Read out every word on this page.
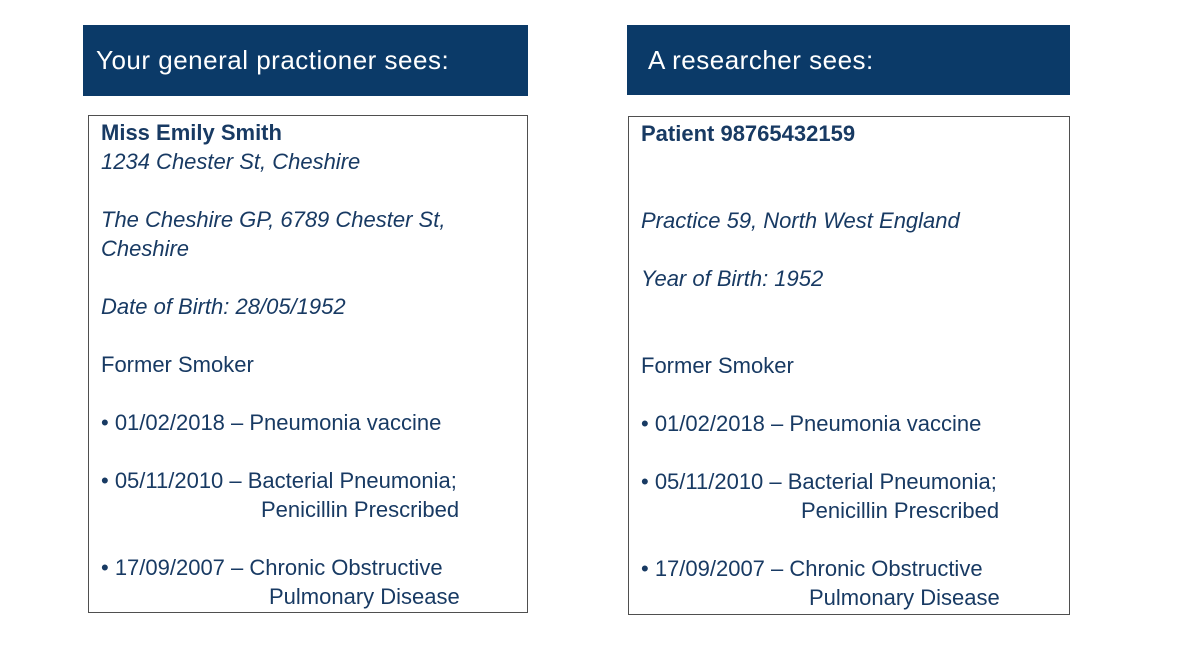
Your general practioner sees:
Miss Emily Smith
1234 Chester St, Cheshire
The Cheshire GP, 6789 Chester St,
Cheshire
Date of Birth: 28/05/1952
Former Smoker
• 01/02/2018 – Pneumonia vaccine
• 05/11/2010 – Bacterial Pneumonia;
Penicillin Prescribed
• 17/09/2007 – Chronic Obstructive
Pulmonary Disease
A researcher sees:
Patient 98765432159
Practice 59, North West England
Year of Birth: 1952
Former Smoker
• 01/02/2018 – Pneumonia vaccine
• 05/11/2010 – Bacterial Pneumonia;
Penicillin Prescribed
• 17/09/2007 – Chronic Obstructive
Pulmonary Disease
